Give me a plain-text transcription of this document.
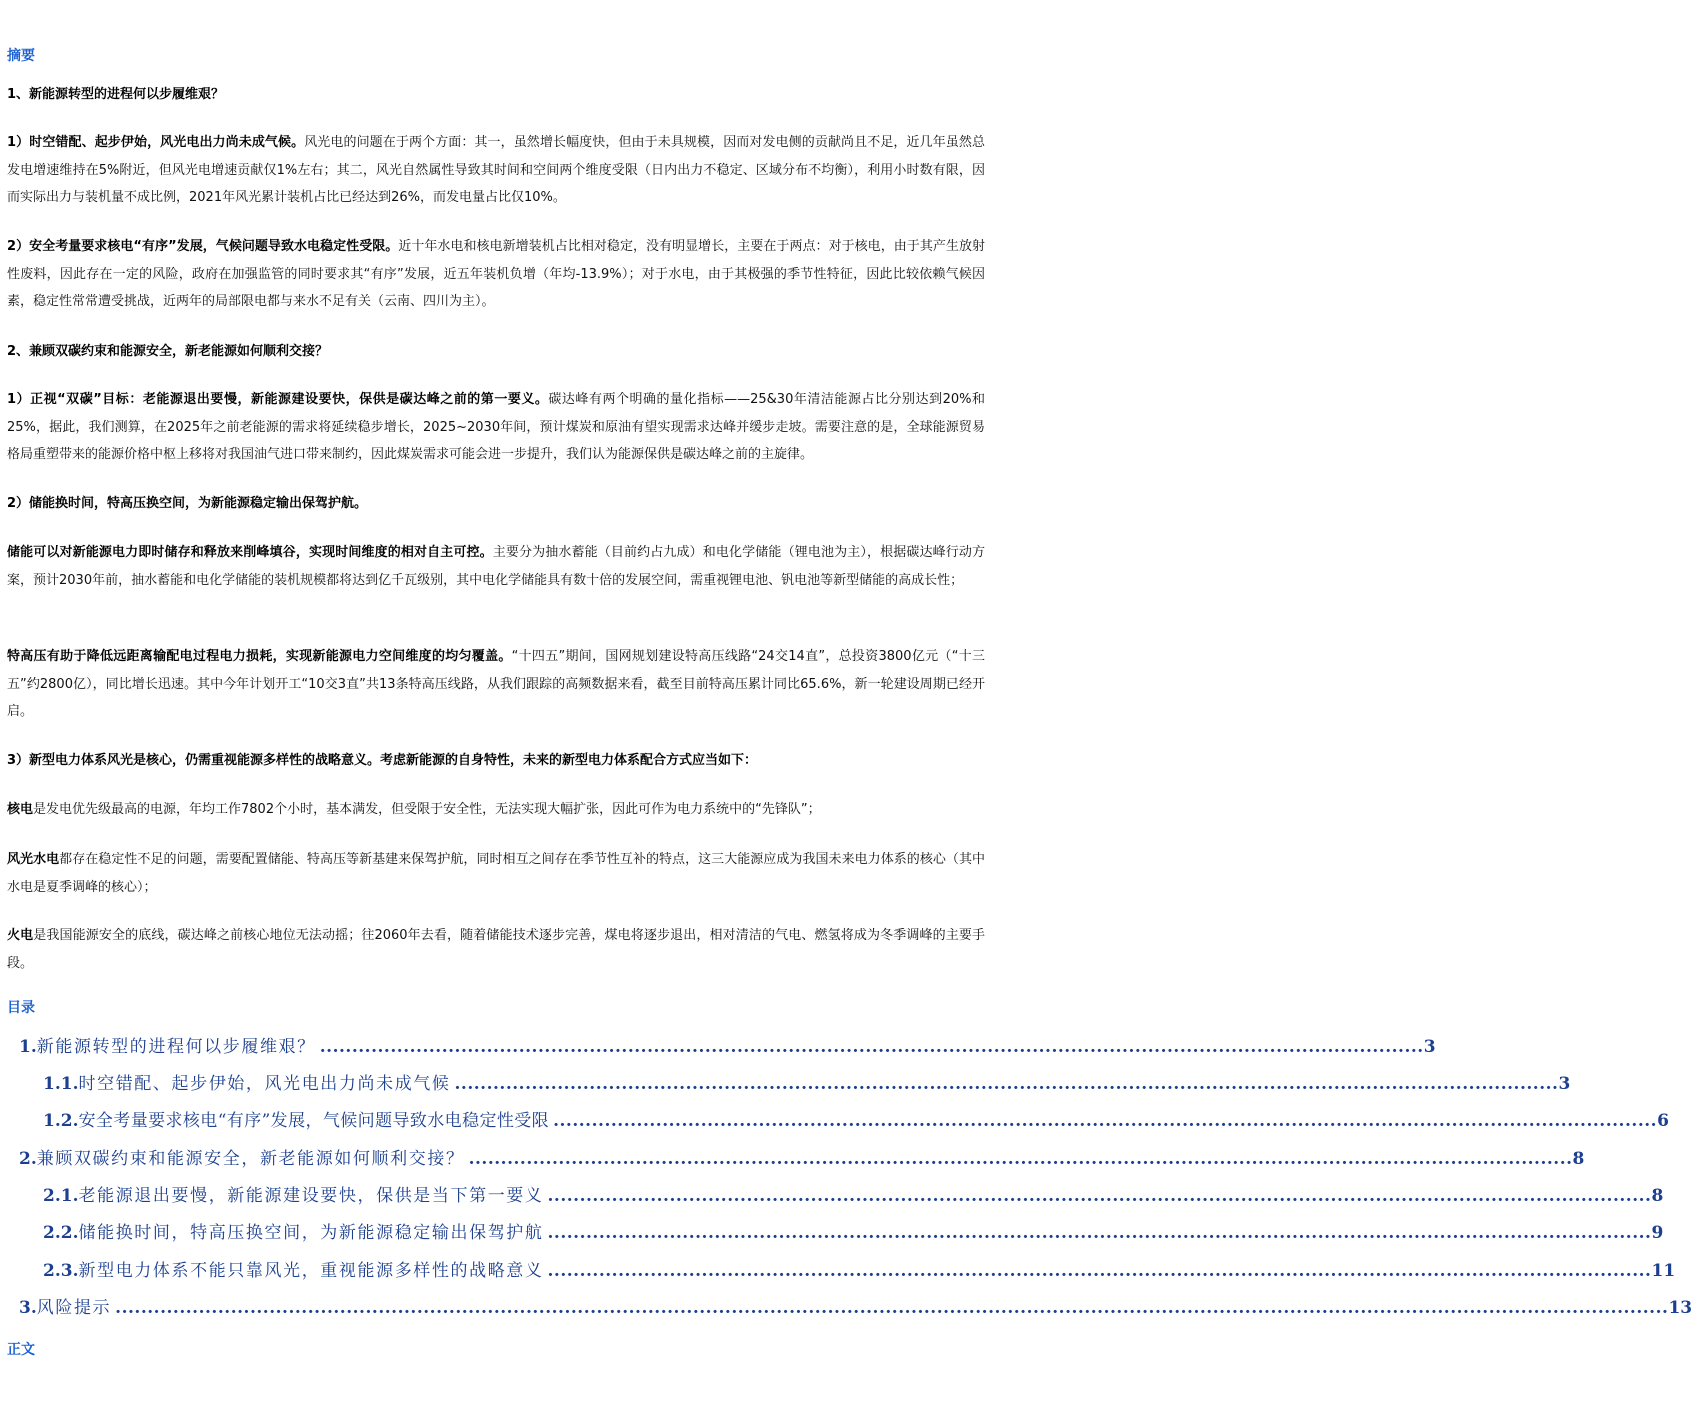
摘要
1、新能源转型的进程何以步履维艰？
1）时空错配、起步伊始，风光电出力尚未成气候。风光电的问题在于两个方面：其一，虽然增长幅度快，但由于未具规模，因而对发电侧的贡献尚且不足，近几年虽然总发电增速维持在5%附近，但风光电增速贡献仅1%左右；其二，风光自然属性导致其时间和空间两个维度受限（日内出力不稳定、区域分布不均衡），利用小时数有限，因而实际出力与装机量不成比例，2021年风光累计装机占比已经达到26%，而发电量占比仅10%。
2）安全考量要求核电“有序”发展，气候问题导致水电稳定性受限。近十年水电和核电新增装机占比相对稳定，没有明显增长，主要在于两点：对于核电，由于其产生放射性废料，因此存在一定的风险，政府在加强监管的同时要求其“有序”发展，近五年装机负增（年均-13.9%）；对于水电，由于其极强的季节性特征，因此比较依赖气候因素，稳定性常常遭受挑战，近两年的局部限电都与来水不足有关（云南、四川为主）。
2、兼顾双碳约束和能源安全，新老能源如何顺利交接？
1）正视“双碳”目标：老能源退出要慢，新能源建设要快，保供是碳达峰之前的第一要义。碳达峰有两个明确的量化指标——25&30年清洁能源占比分别达到20%和25%，据此，我们测算，在2025年之前老能源的需求将延续稳步增长，2025~2030年间，预计煤炭和原油有望实现需求达峰并缓步走坡。需要注意的是，全球能源贸易格局重塑带来的能源价格中枢上移将对我国油气进口带来制约，因此煤炭需求可能会进一步提升，我们认为能源保供是碳达峰之前的主旋律。
2）储能换时间，特高压换空间，为新能源稳定输出保驾护航。
储能可以对新能源电力即时储存和释放来削峰填谷，实现时间维度的相对自主可控。主要分为抽水蓄能（目前约占九成）和电化学储能（锂电池为主），根据碳达峰行动方案，预计2030年前，抽水蓄能和电化学储能的装机规模都将达到亿千瓦级别，其中电化学储能具有数十倍的发展空间，需重视锂电池、钒电池等新型储能的高成长性；
特高压有助于降低远距离输配电过程电力损耗，实现新能源电力空间维度的均匀覆盖。“十四五”期间，国网规划建设特高压线路“24交14直”，总投资3800亿元（“十三五”约2800亿），同比增长迅速。其中今年计划开工“10交3直”共13条特高压线路，从我们跟踪的高频数据来看，截至目前特高压累计同比65.6%，新一轮建设周期已经开启。
3）新型电力体系风光是核心，仍需重视能源多样性的战略意义。考虑新能源的自身特性，未来的新型电力体系配合方式应当如下：
核电是发电优先级最高的电源，年均工作7802个小时，基本满发，但受限于安全性，无法实现大幅扩张，因此可作为电力系统中的“先锋队”；
风光水电都存在稳定性不足的问题，需要配置储能、特高压等新基建来保驾护航，同时相互之间存在季节性互补的特点，这三大能源应成为我国未来电力体系的核心（其中水电是夏季调峰的核心）；
火电是我国能源安全的底线，碳达峰之前核心地位无法动摇；往2060年去看，随着储能技术逐步完善，煤电将逐步退出，相对清洁的气电、燃氢将成为冬季调峰的主要手段。
目录
1. 新能源转型的进程何以步履维艰？ ............................................................................................................................................................................ 3
1.1. 时空错配、起步伊始，风光电出力尚未成气候 ............................................................................................................................................................................ 3
1.2. 安全考量要求核电“有序”发展，气候问题导致水电稳定性受限 ............................................................................................................................................................................ 6
2. 兼顾双碳约束和能源安全，新老能源如何顺利交接？ ............................................................................................................................................................................ 8
2.1. 老能源退出要慢，新能源建设要快，保供是当下第一要义 ............................................................................................................................................................................ 8
2.2. 储能换时间，特高压换空间，为新能源稳定输出保驾护航 ............................................................................................................................................................................ 9
2.3. 新型电力体系不能只靠风光，重视能源多样性的战略意义 ............................................................................................................................................................................ 11
3. 风险提示 .................................................................................................................................................................................................................................................. 13
正文
